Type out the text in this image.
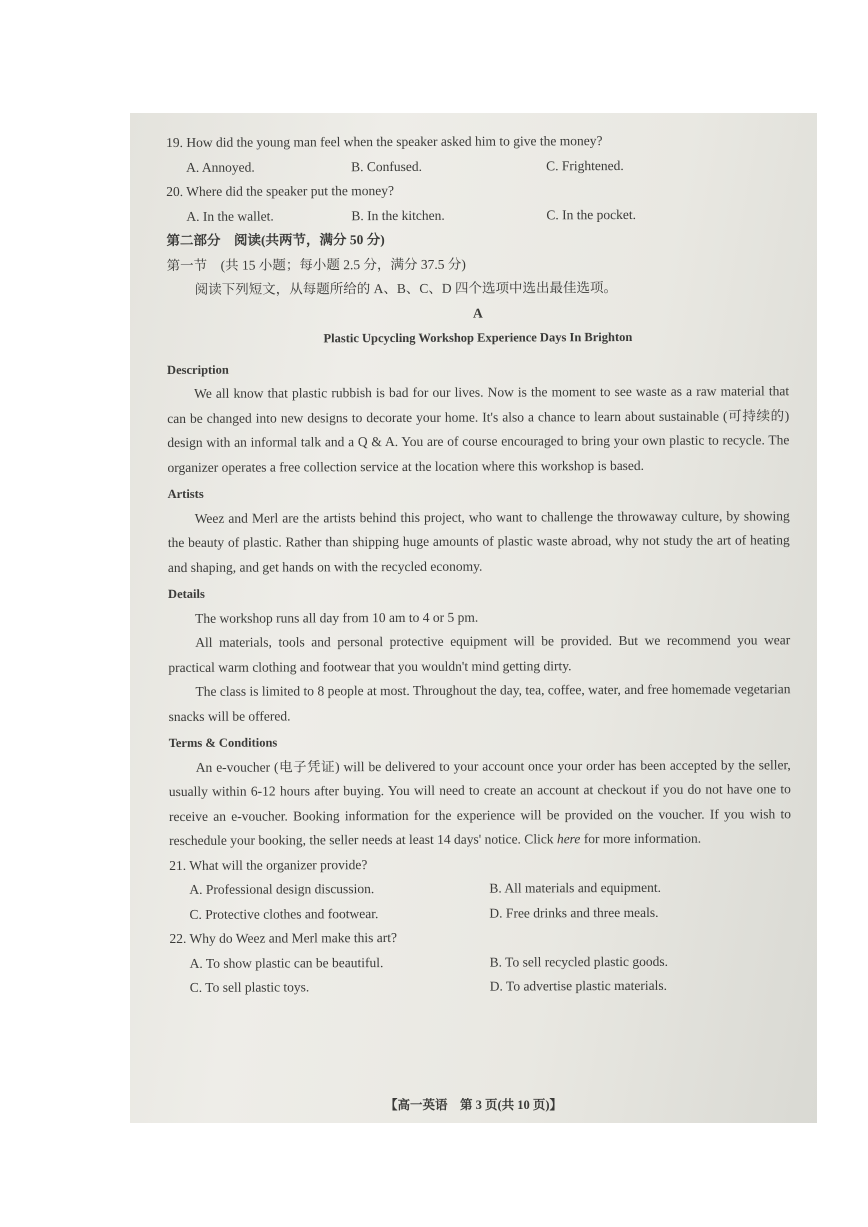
19. How did the young man feel when the speaker asked him to give the money?
A. Annoyed.	B. Confused.	C. Frightened.
20. Where did the speaker put the money?
A. In the wallet.	B. In the kitchen.	C. In the pocket.
第二部分　阅读(共两节，满分 50 分)
第一节　(共 15 小题；每小题 2.5 分，满分 37.5 分)
阅读下列短文，从每题所给的 A、B、C、D 四个选项中选出最佳选项。
A
Plastic Upcycling Workshop Experience Days In Brighton
Description

We all know that plastic rubbish is bad for our lives. Now is the moment to see waste as a raw material that can be changed into new designs to decorate your home. It's also a chance to learn about sustainable (可持续的) design with an informal talk and a Q & A. You are of course encouraged to bring your own plastic to recycle. The organizer operates a free collection service at the location where this workshop is based.

Artists

Weez and Merl are the artists behind this project, who want to challenge the throwaway culture, by showing the beauty of plastic. Rather than shipping huge amounts of plastic waste abroad, why not study the art of heating and shaping, and get hands on with the recycled economy.

Details

The workshop runs all day from 10 am to 4 or 5 pm.

All materials, tools and personal protective equipment will be provided. But we recommend you wear practical warm clothing and footwear that you wouldn't mind getting dirty.

The class is limited to 8 people at most. Throughout the day, tea, coffee, water, and free homemade vegetarian snacks will be offered.

Terms & Conditions

An e-voucher (电子凭证) will be delivered to your account once your order has been accepted by the seller, usually within 6-12 hours after buying. You will need to create an account at checkout if you do not have one to receive an e-voucher. Booking information for the experience will be provided on the voucher. If you wish to reschedule your booking, the seller needs at least 14 days' notice. Click here for more information.

21. What will the organizer provide?
A. Professional design discussion.	B. All materials and equipment.
C. Protective clothes and footwear.	D. Free drinks and three meals.
22. Why do Weez and Merl make this art?
A. To show plastic can be beautiful.	B. To sell recycled plastic goods.
C. To sell plastic toys.	D. To advertise plastic materials.
【高一英语　第 3 页(共 10 页)】
